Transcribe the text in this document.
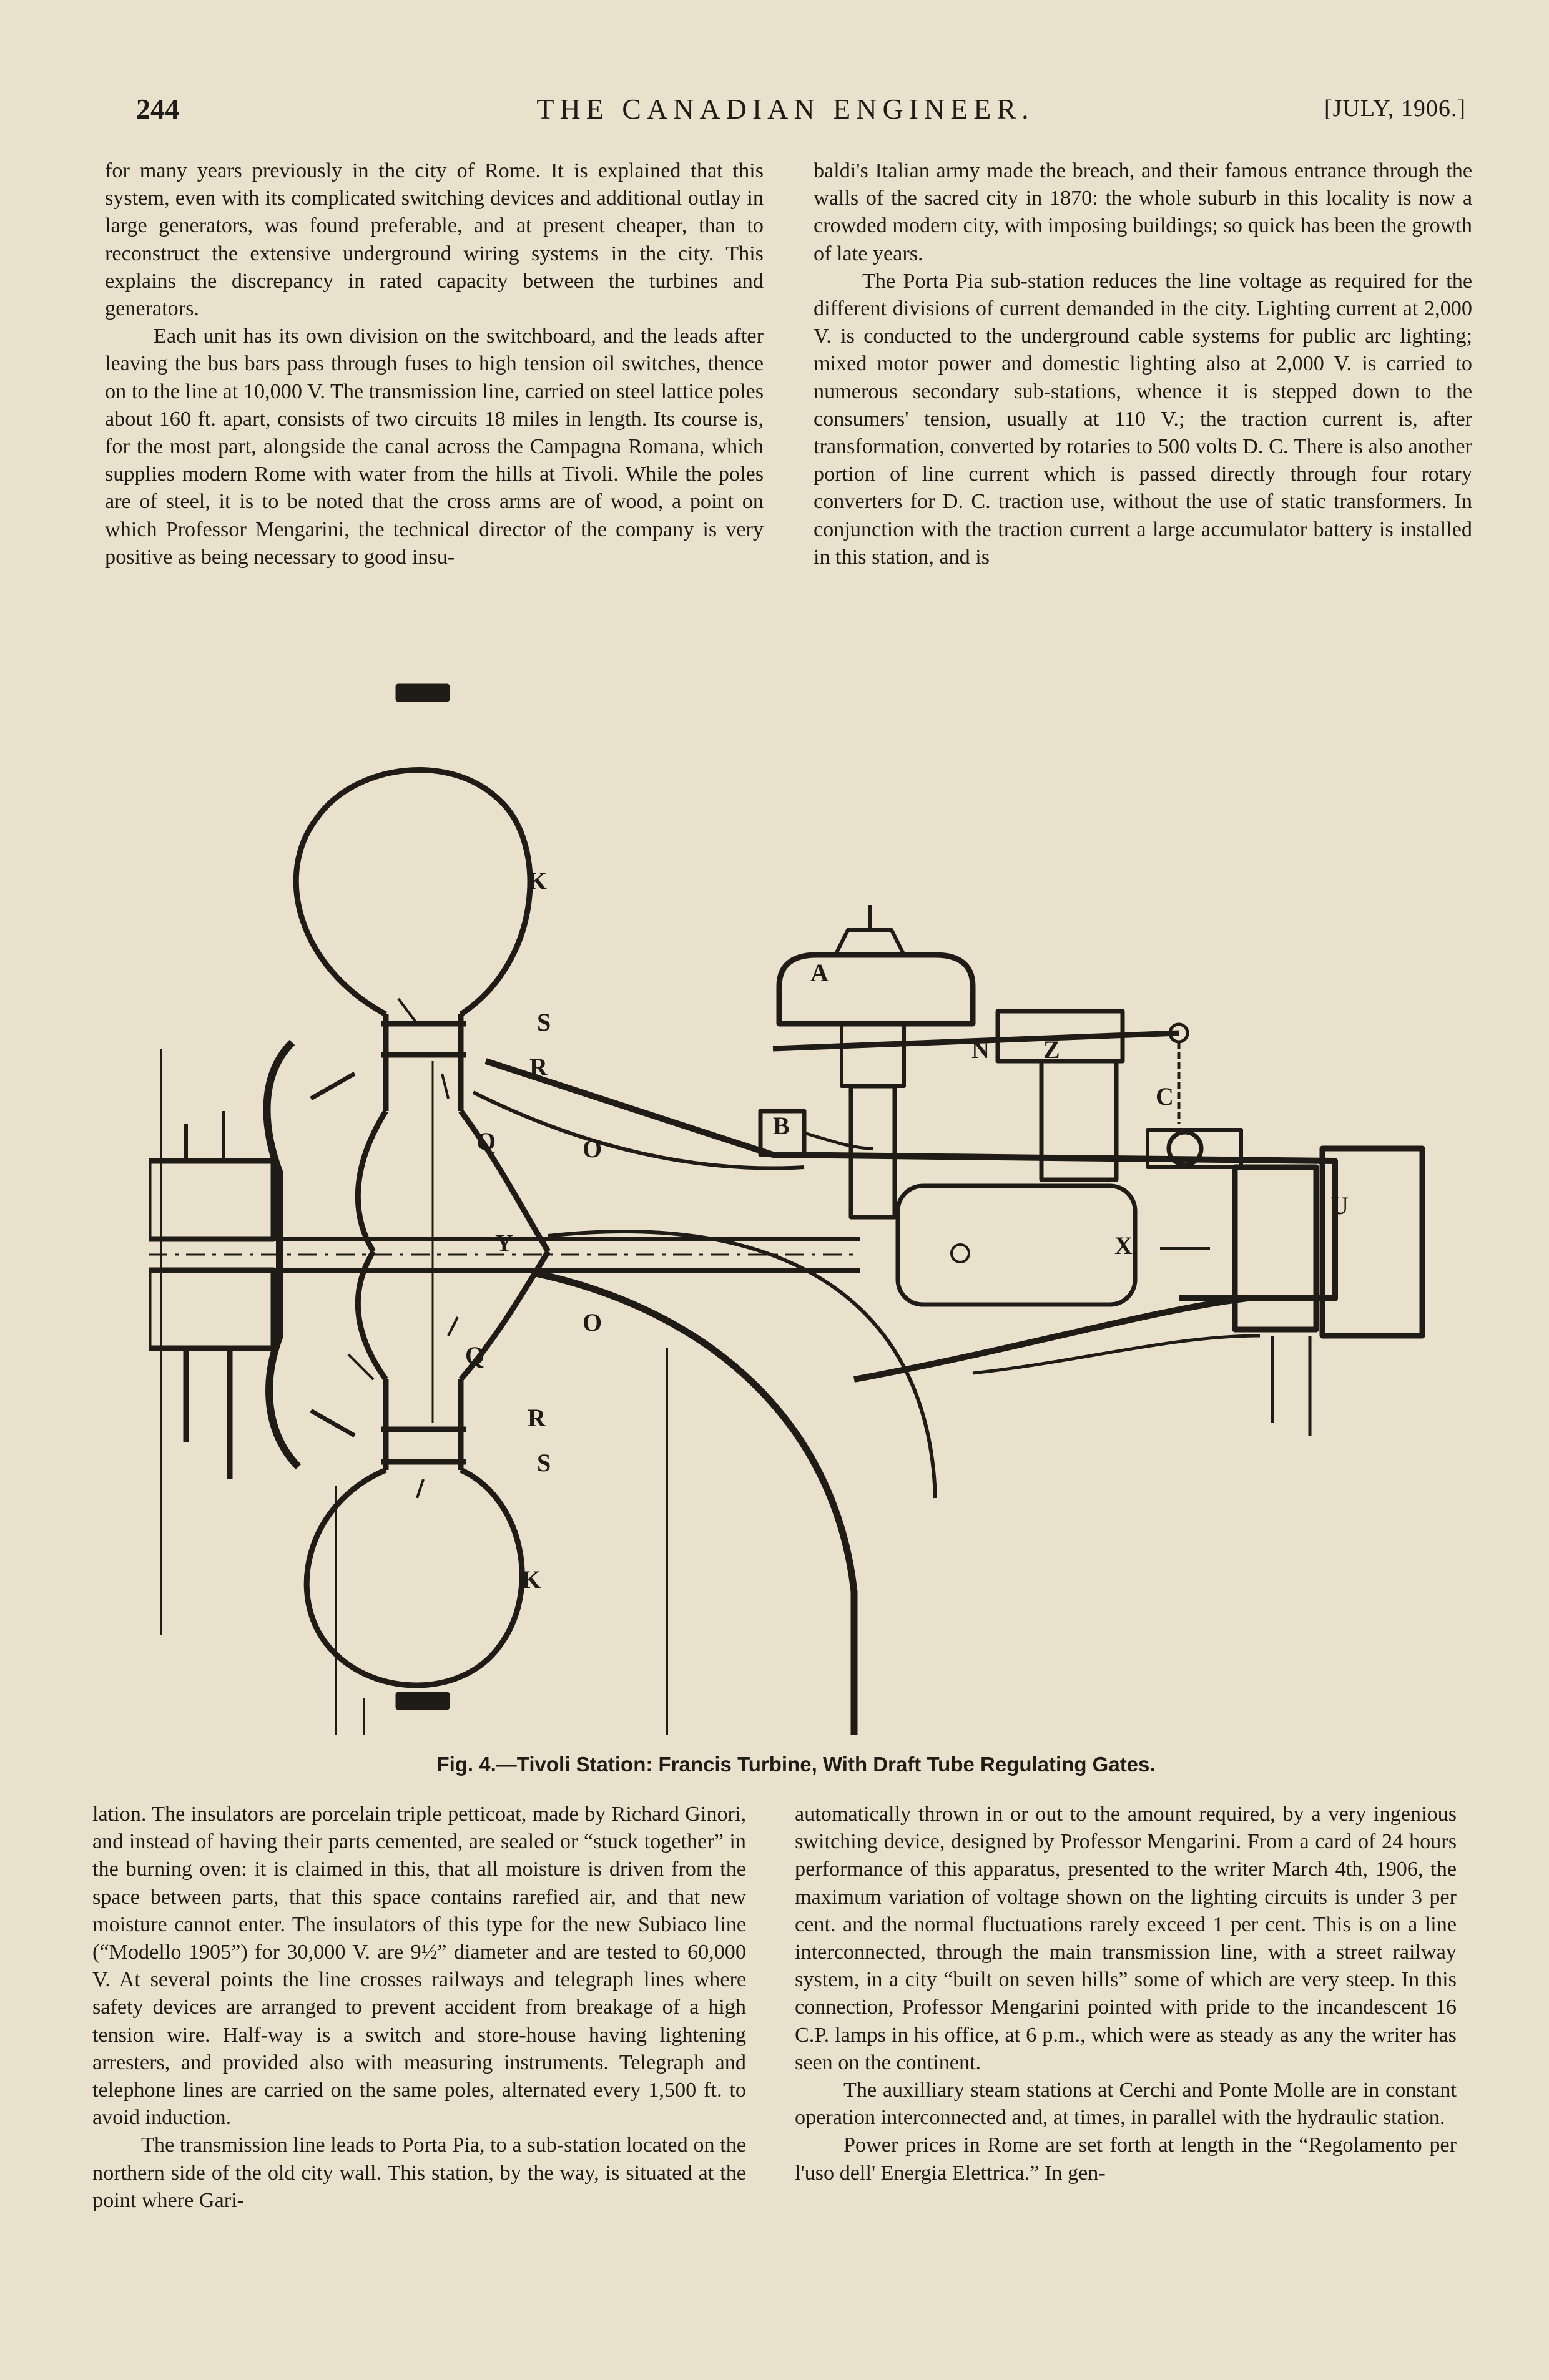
244	THE CANADIAN ENGINEER.	[JULY, 1906.]

for many years previously in the city of Rome. It is explained that this system, even with its complicated switching devices and additional outlay in large generators, was found preferable, and at present cheaper, than to reconstruct the extensive underground wiring systems in the city. This explains the discrepancy in rated capacity between the turbines and generators.

Each unit has its own division on the switchboard, and the leads after leaving the bus bars pass through fuses to high tension oil switches, thence on to the line at 10,000 V. The transmission line, carried on steel lattice poles about 160 ft. apart, consists of two circuits 18 miles in length. Its course is, for the most part, alongside the canal across the Campagna Romana, which supplies modern Rome with water from the hills at Tivoli. While the poles are of steel, it is to be noted that the cross arms are of wood, a point on which Professor Mengarini, the technical director of the company is very positive as being necessary to good insu-

baldi's Italian army made the breach, and their famous entrance through the walls of the sacred city in 1870: the whole suburb in this locality is now a crowded modern city, with imposing buildings; so quick has been the growth of late years.

The Porta Pia sub-station reduces the line voltage as required for the different divisions of current demanded in the city. Lighting current at 2,000 V. is conducted to the underground cable systems for public arc lighting; mixed motor power and domestic lighting also at 2,000 V. is carried to numerous secondary sub-stations, whence it is stepped down to the consumers' tension, usually at 110 V.; the traction current is, after transformation, converted by rotaries to 500 volts D. C. There is also another portion of line current which is passed directly through four rotary converters for D. C. traction use, without the use of static transformers. In conjunction with the traction current a large accumulator battery is installed in this station, and is

K
S
R
Q	O
Y
O
Q
R
S
K
A
N Z
C
B
U
X
Fig. 4.—Tivoli Station: Francis Turbine, With Draft Tube Regulating Gates.

lation. The insulators are porcelain triple petticoat, made by Richard Ginori, and instead of having their parts cemented, are sealed or “stuck together” in the burning oven: it is claimed in this, that all moisture is driven from the space between parts, that this space contains rarefied air, and that new moisture cannot enter. The insulators of this type for the new Subiaco line (“Modello 1905”) for 30,000 V. are 9½” diameter and are tested to 60,000 V. At several points the line crosses railways and telegraph lines where safety devices are arranged to prevent accident from breakage of a high tension wire. Half-way is a switch and store-house having lightening arresters, and provided also with measuring instruments. Telegraph and telephone lines are carried on the same poles, alternated every 1,500 ft. to avoid induction.

The transmission line leads to Porta Pia, to a sub-station located on the northern side of the old city wall. This station, by the way, is situated at the point where Gari-

automatically thrown in or out to the amount required, by a very ingenious switching device, designed by Professor Mengarini. From a card of 24 hours performance of this apparatus, presented to the writer March 4th, 1906, the maximum variation of voltage shown on the lighting circuits is under 3 per cent. and the normal fluctuations rarely exceed 1 per cent. This is on a line interconnected, through the main transmission line, with a street railway system, in a city “built on seven hills” some of which are very steep. In this connection, Professor Mengarini pointed with pride to the incandescent 16 C.P. lamps in his office, at 6 p.m., which were as steady as any the writer has seen on the continent.

The auxilliary steam stations at Cerchi and Ponte Molle are in constant operation interconnected and, at times, in parallel with the hydraulic station.

Power prices in Rome are set forth at length in the “Regolamento per l'uso dell' Energia Elettrica.” In gen-
